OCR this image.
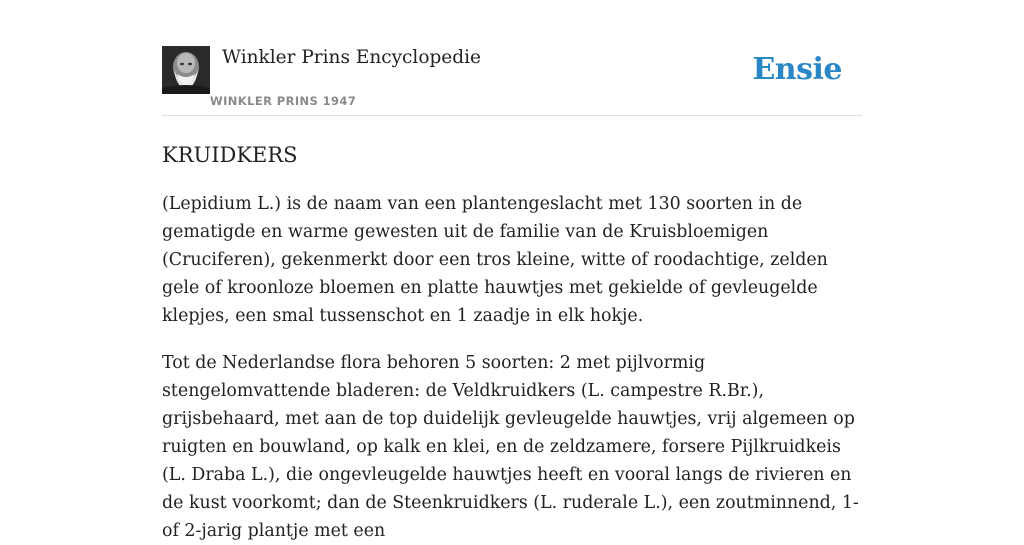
Winkler Prins Encyclopedie
WINKLER PRINS 1947
Ensie
KRUIDKERS

(Lepidium L.) is de naam van een plantengeslacht met 130 soorten in de gematigde en warme gewesten uit de familie van de Kruisbloemigen (Cruciferen), gekenmerkt door een tros kleine, witte of roodachtige, zelden gele of kroonloze bloemen en platte hauwtjes met gekielde of gevleugelde klepjes, een smal tussenschot en 1 zaadje in elk hokje.

Tot de Nederlandse flora behoren 5 soorten: 2 met pijlvormig stengelomvattende bladeren: de Veldkruidkers (L. campestre R.Br.), grijsbehaard, met aan de top duidelijk gevleugelde hauwtjes, vrij algemeen op ruigten en bouwland, op kalk en klei, en de zeldzamere, forsere Pijlkruidkeis (L. Draba L.), die ongevleugelde hauwtjes heeft en vooral langs de rivieren en de kust voorkomt; dan de Steenkruidkers (L. ruderale L.), een zoutminnend, 1- of 2-jarig plantje met een
